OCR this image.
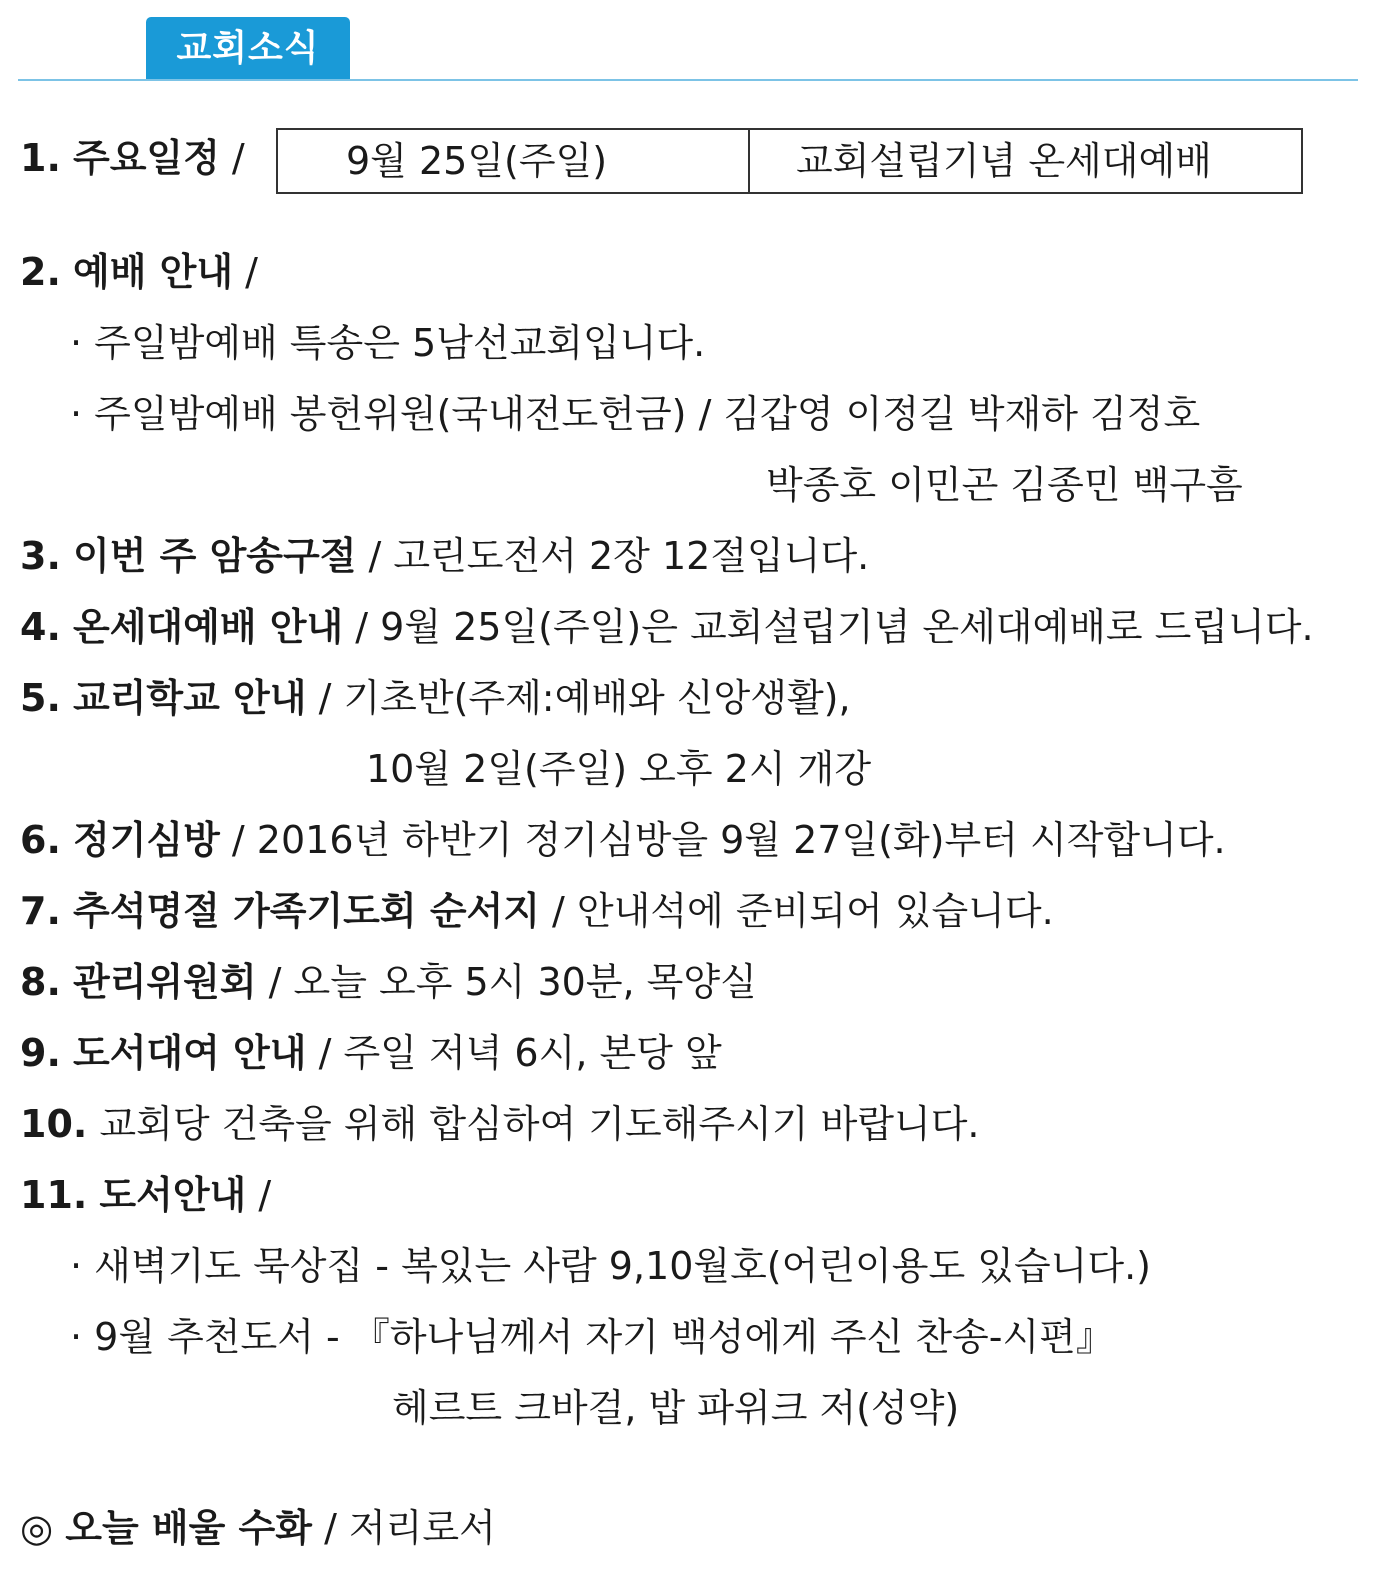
교회소식
1. 주요일정 /	9월 25일(주일)	교회설립기념 온세대예배
2. 예배 안내 /
· 주일밤예배 특송은 5남선교회입니다.
· 주일밤예배 봉헌위원(국내전도헌금) / 김갑영 이정길 박재하 김정호
박종호 이민곤 김종민 백구흠
3. 이번 주 암송구절 / 고린도전서 2장 12절입니다.
4. 온세대예배 안내 / 9월 25일(주일)은 교회설립기념 온세대예배로 드립니다.
5. 교리학교 안내 / 기초반(주제:예배와 신앙생활),
10월 2일(주일) 오후 2시 개강
6. 정기심방 / 2016년 하반기 정기심방을 9월 27일(화)부터 시작합니다.
7. 추석명절 가족기도회 순서지 / 안내석에 준비되어 있습니다.
8. 관리위원회 / 오늘 오후 5시 30분, 목양실
9. 도서대여 안내 / 주일 저녁 6시, 본당 앞
10. 교회당 건축을 위해 합심하여 기도해주시기 바랍니다.
11. 도서안내 /
· 새벽기도 묵상집 - 복있는 사람 9,10월호(어린이용도 있습니다.)
· 9월 추천도서 - 『하나님께서 자기 백성에게 주신 찬송-시편』
헤르트 크바걸, 밥 파위크 저(성약)
◎ 오늘 배울 수화 / 저리로서
